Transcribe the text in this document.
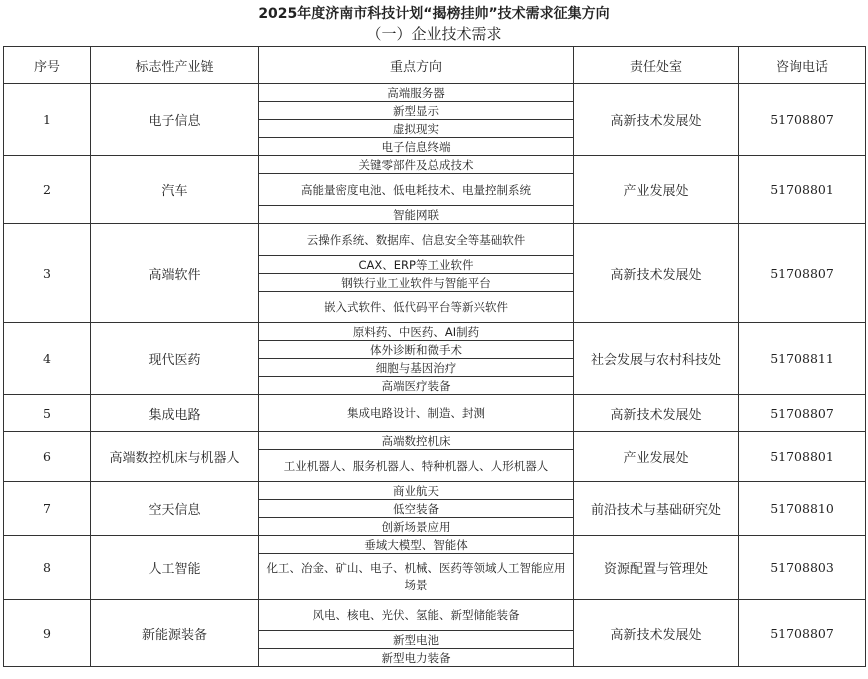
2025年度济南市科技计划“揭榜挂帅”技术需求征集方向
（一）企业技术需求
序号	标志性产业链	重点方向	责任处室	咨询电话
1	电子信息	高端服务器	高新技术发展处	51708807
		新型显示		
		虚拟现实		
		电子信息终端		
2	汽车	关键零部件及总成技术	产业发展处	51708801
		高能量密度电池、低电耗技术、电量控制系统		
		智能网联		
3	高端软件	云操作系统、数据库、信息安全等基础软件	高新技术发展处	51708807
		CAX、ERP等工业软件		
		钢铁行业工业软件与智能平台		
		嵌入式软件、低代码平台等新兴软件		
4	现代医药	原料药、中医药、AI制药	社会发展与农村科技处	51708811
		体外诊断和微手术		
		细胞与基因治疗		
		高端医疗装备		
5	集成电路	集成电路设计、制造、封测	高新技术发展处	51708807
6	高端数控机床与机器人	高端数控机床	产业发展处	51708801
		工业机器人、服务机器人、特种机器人、人形机器人		
7	空天信息	商业航天	前沿技术与基础研究处	51708810
		低空装备		
		创新场景应用		
8	人工智能	垂域大模型、智能体	资源配置与管理处	51708803
		化工、冶金、矿山、电子、机械、医药等领域人工智能应用场景		
9	新能源装备	风电、核电、光伏、氢能、新型储能装备	高新技术发展处	51708807
		新型电池		
		新型电力装备		
